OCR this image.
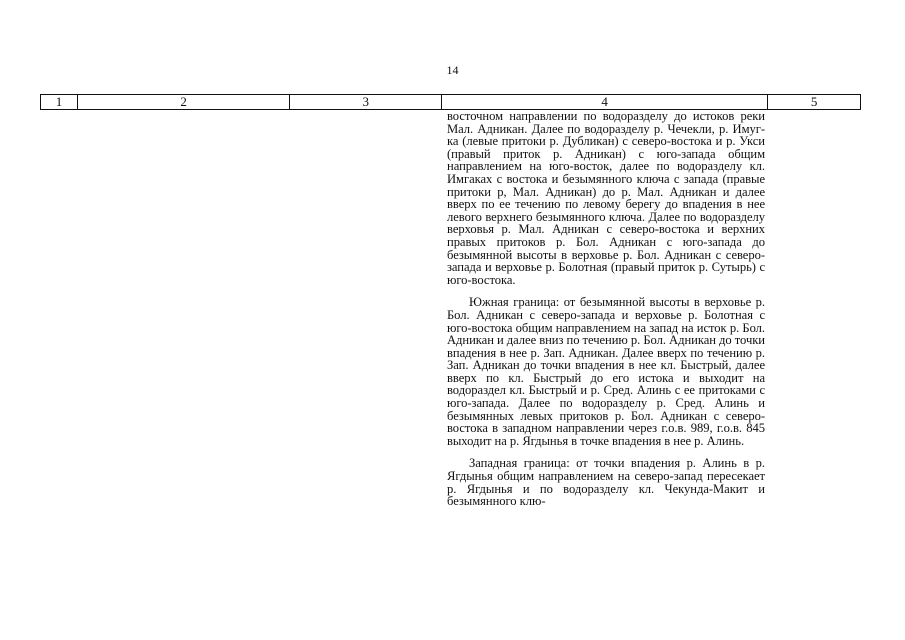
14
1	2	3	4	5

восточном направлении по водоразделу до истоков реки Мал. Адникан. Далее по водоразделу р. Чечекли, р. Имуг- ка (левые притоки р. Дубликан) с северо-востока и р. Укси (правый приток р. Адникан) с юго-запада общим направлением на юго-восток, далее по водоразделу кл. Имгаках с востока и безымянного ключа с запада (правые притоки р, Мал. Адникан) до р. Мал. Адникан и далее вверх по ее течению по левому берегу до впадения в нее левого верхнего безымянного ключа. Далее по водоразделу верховья р. Мал. Адникан с северо-востока и верхних правых притоков р. Бол. Адникан с юго-запада до безымянной высоты в верховье р. Бол. Адникан с северо-запада и верховье р. Болотная (правый приток р. Сутырь) с юго-востока.

Южная граница: от безымянной высоты в верховье р. Бол. Адникан с северо-запада и верховье р. Болотная с юго-востока общим направлением на запад на исток р. Бол. Адникан и далее вниз по течению р. Бол. Адникан до точки впадения в нее р. Зап. Адникан. Далее вверх по течению р. Зап. Адникан до точки впадения в нее кл. Быстрый, далее вверх по кл. Быстрый до его истока и выходит на водораздел кл. Быстрый и р. Сред. Алинь с ее притоками с юго-запада. Далее по водоразделу р. Сред. Алинь и безымянных левых притоков р. Бол. Адникан с северо-востока в западном направлении через г.о.в. 989, г.о.в. 845 выходит на р. Ягдынья в точке впадения в нее р. Алинь.

Западная граница: от точки впадения р. Алинь в р. Ягдынья общим направлением на северо-запад пересекает р. Ягдынья и по водоразделу кл. Чекунда-Макит и безымянного клю-
